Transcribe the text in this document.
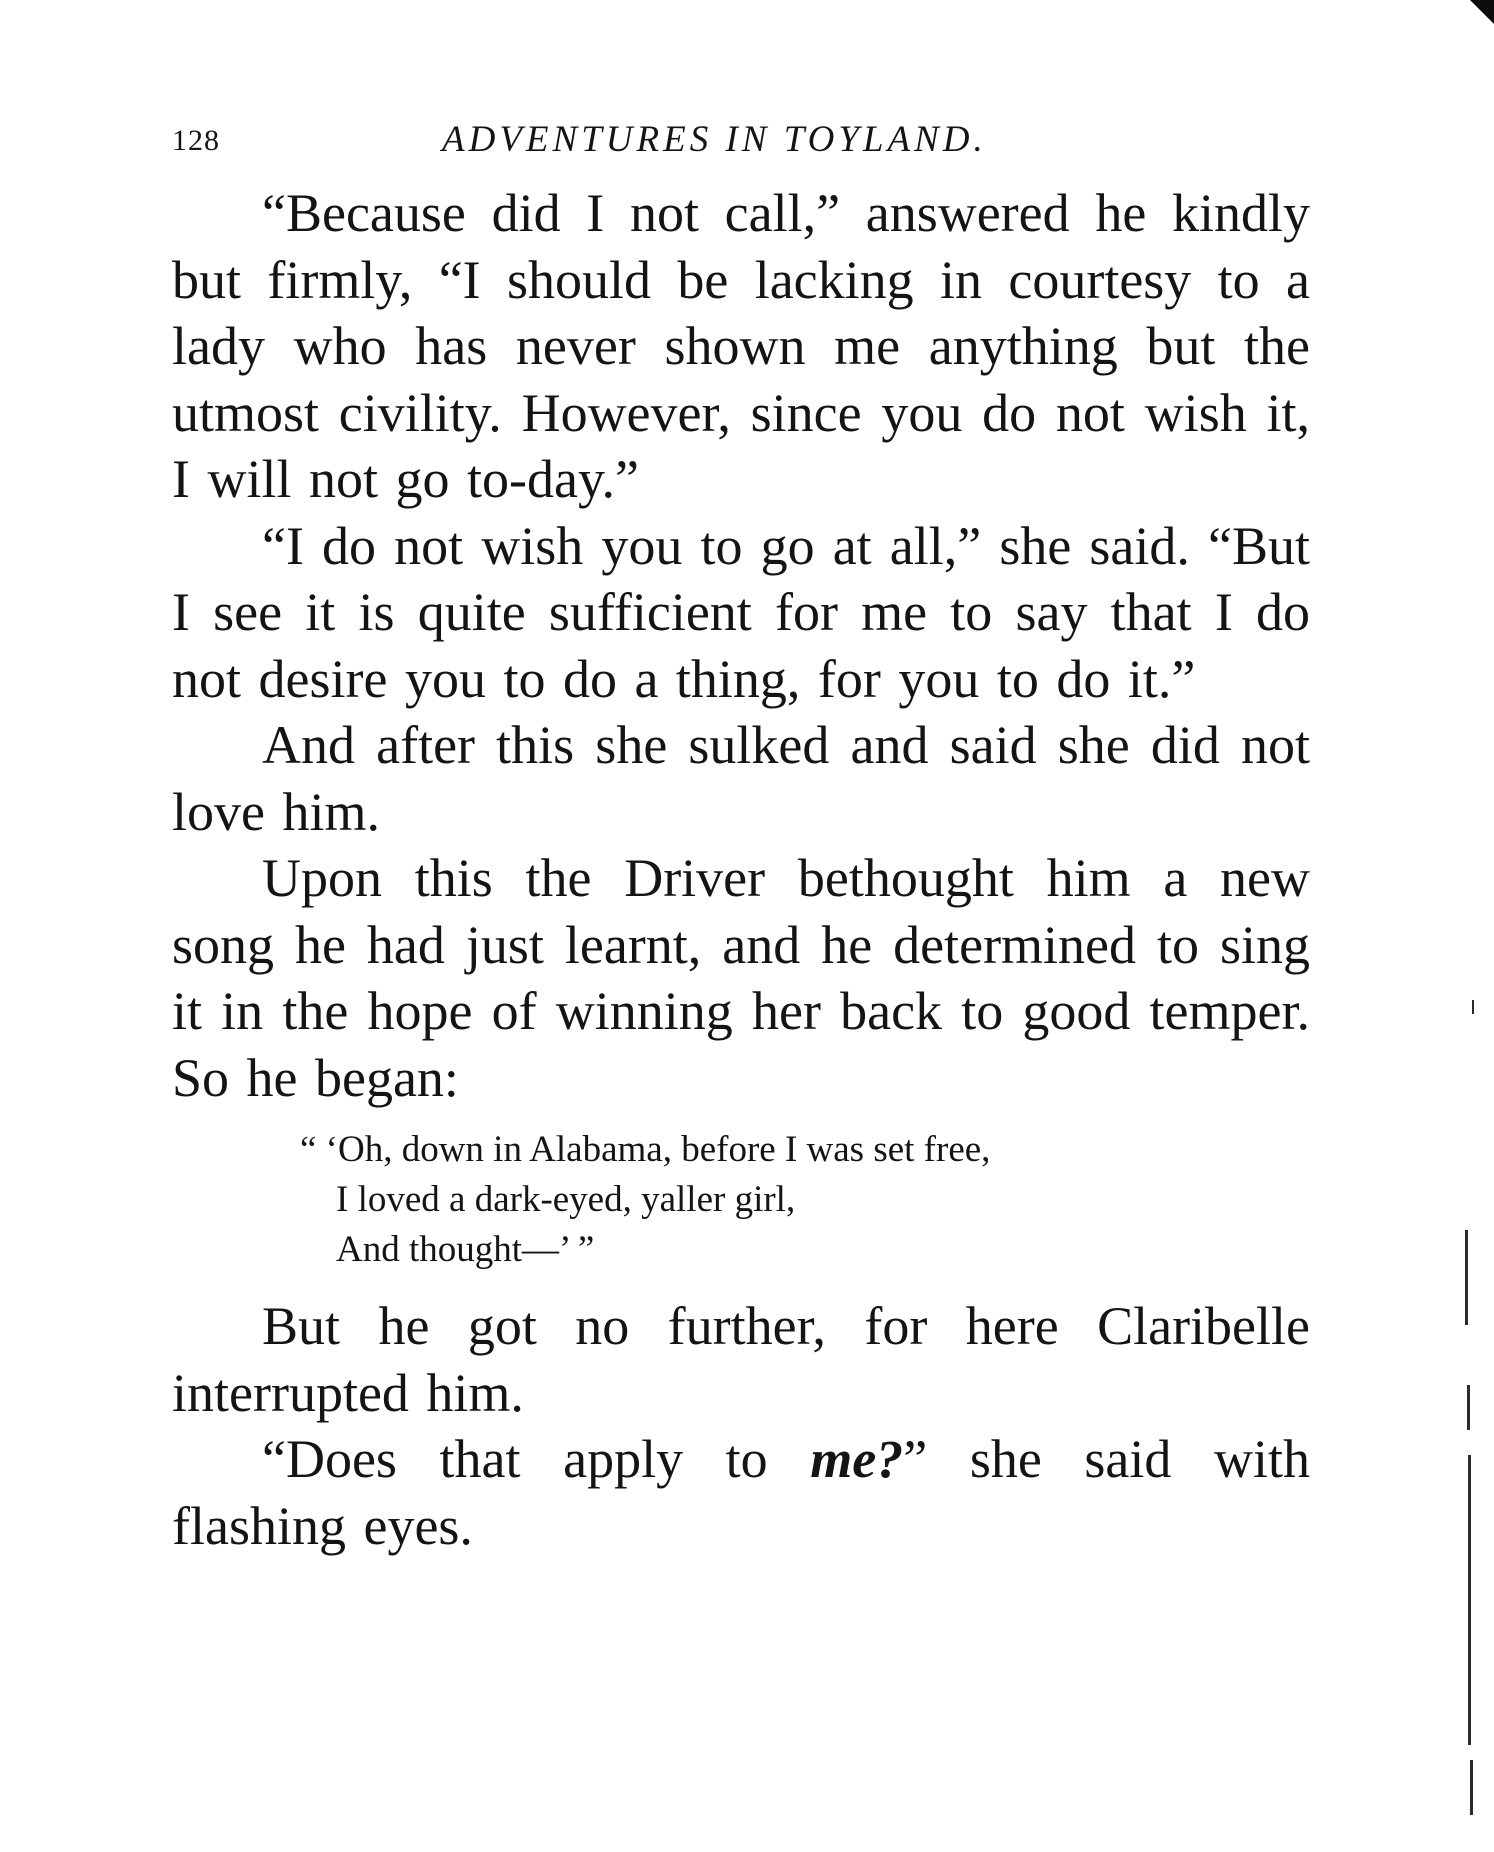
128	ADVENTURES IN TOYLAND.

“Because did I not call,” answered he kindly but firmly, “I should be lacking in courtesy to a lady who has never shown me anything but the utmost civility. However, since you do not wish it, I will not go to-day.”

“I do not wish you to go at all,” she said. “But I see it is quite sufficient for me to say that I do not desire you to do a thing, for you to do it.”

And after this she sulked and said she did not love him.

Upon this the Driver bethought him a new song he had just learnt, and he determined to sing it in the hope of winning her back to good temper. So he began:

“ ‘Oh, down in Alabama, before I was set free,
I loved a dark-eyed, yaller girl,
And thought—’ ”

But he got no further, for here Claribelle interrupted him.

“Does that apply to me?” she said with flashing eyes.
